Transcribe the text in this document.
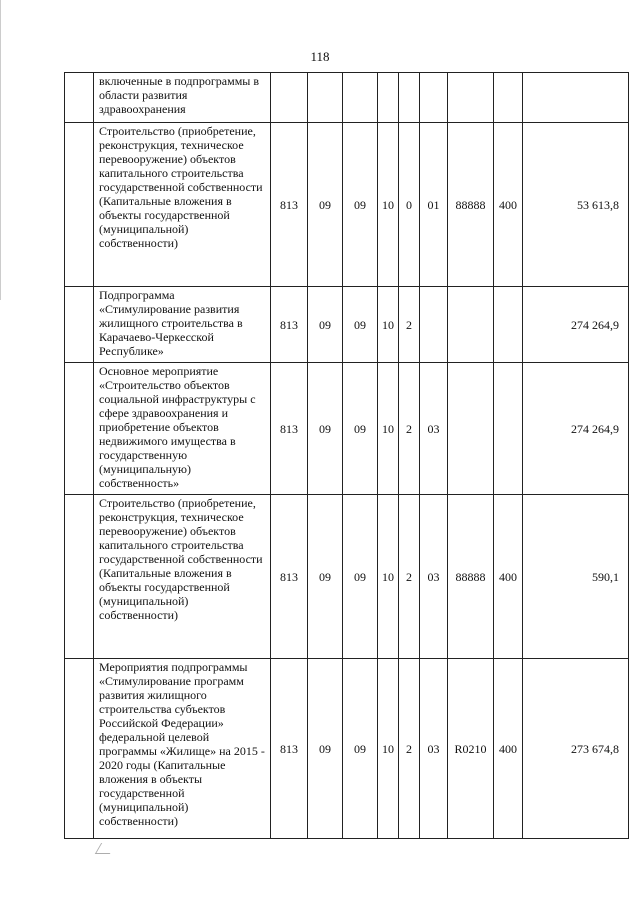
118
	включенные в подпрограммы в области развития здравоохранения									
	Строительство (приобретение, реконструкция, техническое перевооружение) объектов капитального строительства государственной собственности (Капитальные вложения в объекты государственной (муниципальной) собственности)	813	09	09	10	0	01	88888	400	53 613,8
	Подпрограмма «Стимулирование развития жилищного строительства в Карачаево-Черкесской Республике»	813	09	09	10	2				274 264,9
	Основное мероприятие «Строительство объектов социальной инфраструктуры с сфере здравоохранения и приобретение объектов недвижимого имущества в государственную (муниципальную) собственность»	813	09	09	10	2	03			274 264,9
	Строительство (приобретение, реконструкция, техническое перевооружение) объектов капитального строительства государственной собственности (Капитальные вложения в объекты государственной (муниципальной) собственности)	813	09	09	10	2	03	88888	400	590,1
	Мероприятия подпрограммы «Стимулирование программ развития жилищного строительства субъектов Российской Федерации» федеральной целевой программы «Жилище» на 2015 - 2020 годы (Капитальные вложения в объекты государственной (муниципальной) собственности)	813	09	09	10	2	03	R0210	400	273 674,8
